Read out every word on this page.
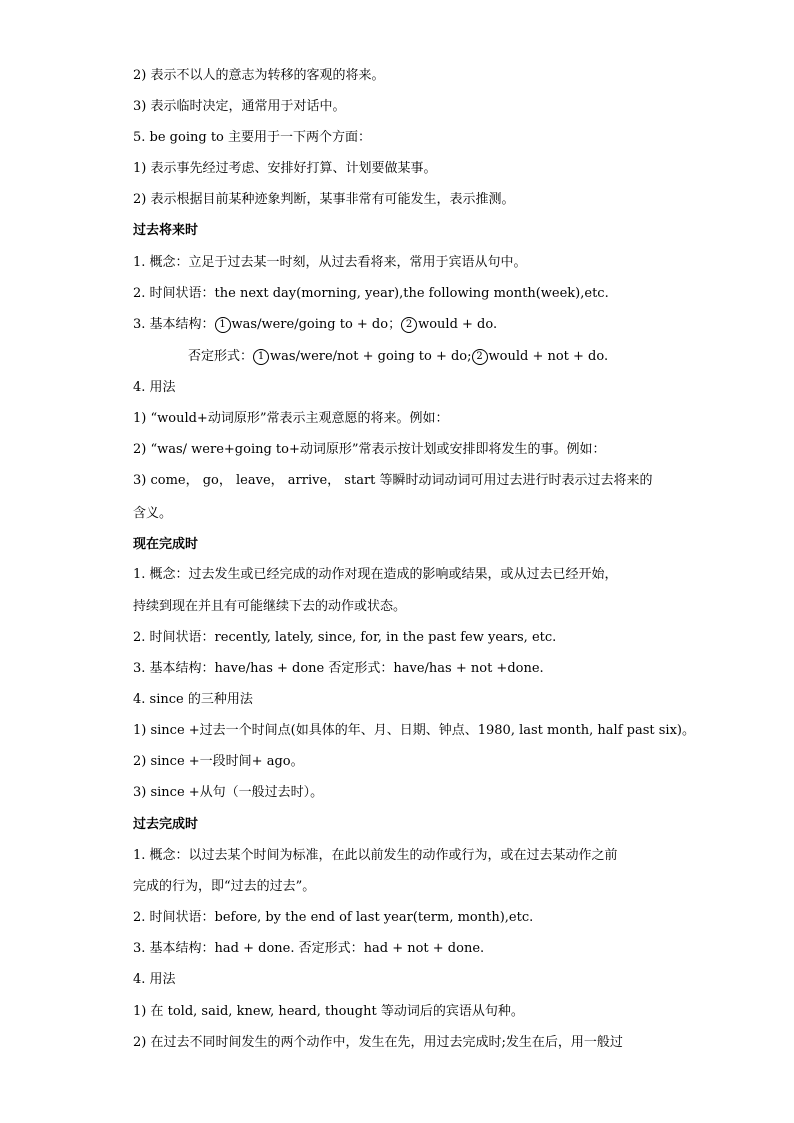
2) 表示不以人的意志为转移的客观的将来。
3) 表示临时决定，通常用于对话中。
5. be going to 主要用于一下两个方面：
1) 表示事先经过考虑、安排好打算、计划要做某事。
2) 表示根据目前某种迹象判断，某事非常有可能发生，表示推测。
过去将来时
1. 概念：立足于过去某一时刻，从过去看将来，常用于宾语从句中。
2. 时间状语：the next day(morning, year),the following month(week),etc.
3. 基本结构： 1 was/were/going to + do； 2 would + do.
否定形式： 1 was/were/not + going to + do; 2 would + not + do.
4. 用法
1) “would+动词原形”常表示主观意愿的将来。例如：
2) “was/ were+going to+动词原形”常表示按计划或安排即将发生的事。例如：
3) come， go， leave， arrive， start 等瞬时动词动词可用过去进行时表示过去将来的
含义。
现在完成时
1. 概念：过去发生或已经完成的动作对现在造成的影响或结果，或从过去已经开始，
持续到现在并且有可能继续下去的动作或状态。
2. 时间状语：recently, lately, since, for, in the past few years, etc.
3. 基本结构：have/has + done 否定形式：have/has + not +done.
4. since 的三种用法
1) since +过去一个时间点(如具体的年、月、日期、钟点、1980, last month, half past six)。
2) since +一段时间+ ago。
3) since +从句（一般过去时）。
过去完成时
1. 概念：以过去某个时间为标准，在此以前发生的动作或行为，或在过去某动作之前
完成的行为，即“过去的过去”。
2. 时间状语：before, by the end of last year(term, month),etc.
3. 基本结构：had + done. 否定形式：had + not + done.
4. 用法
1) 在 told, said, knew, heard, thought 等动词后的宾语从句种。
2) 在过去不同时间发生的两个动作中，发生在先，用过去完成时;发生在后，用一般过
